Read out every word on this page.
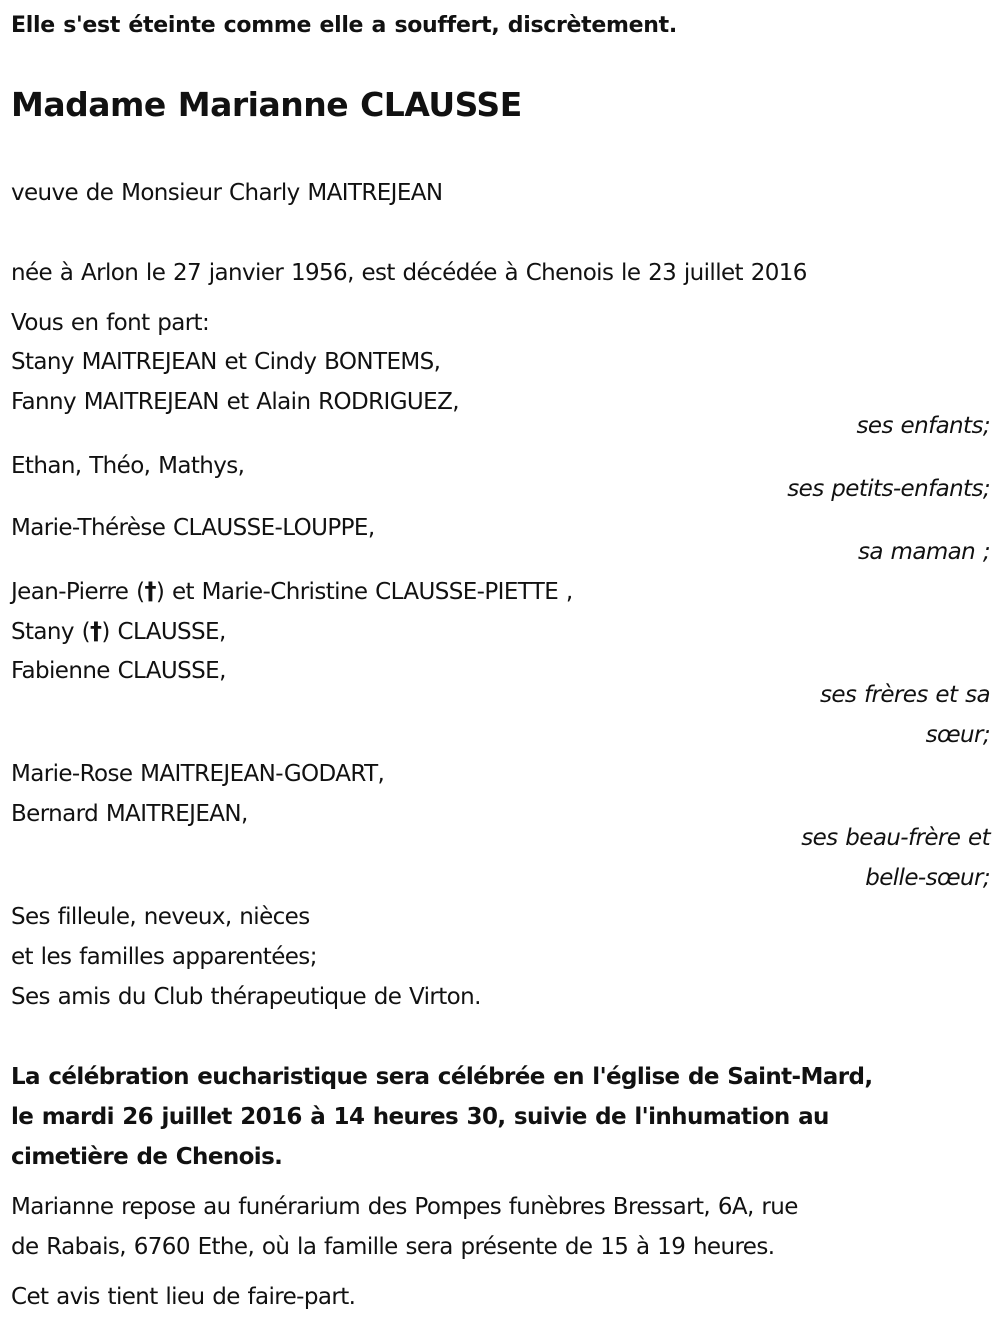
Elle s'est éteinte comme elle a souffert, discrètement.
Madame Marianne CLAUSSE
veuve de Monsieur Charly MAITREJEAN
née à Arlon le 27 janvier 1956, est décédée à Chenois le 23 juillet 2016
Vous en font part:
Stany MAITREJEAN et Cindy BONTEMS,
Fanny MAITREJEAN et Alain RODRIGUEZ,
ses enfants;
Ethan, Théo, Mathys,
ses petits-enfants;
Marie-Thérèse CLAUSSE-LOUPPE,
sa maman ;
Jean-Pierre (†) et Marie-Christine CLAUSSE-PIETTE ,
Stany (†) CLAUSSE,
Fabienne CLAUSSE,
ses frères et sa
sœur;
Marie-Rose MAITREJEAN-GODART,
Bernard MAITREJEAN,
ses beau-frère et
belle-sœur;
Ses filleule, neveux, nièces
et les familles apparentées;
Ses amis du Club thérapeutique de Virton.
La célébration eucharistique sera célébrée en l'église de Saint-Mard,
le mardi 26 juillet 2016 à 14 heures 30, suivie de l'inhumation au
cimetière de Chenois.
Marianne repose au funérarium des Pompes funèbres Bressart, 6A, rue
de Rabais, 6760 Ethe, où la famille sera présente de 15 à 19 heures.
Cet avis tient lieu de faire-part.
